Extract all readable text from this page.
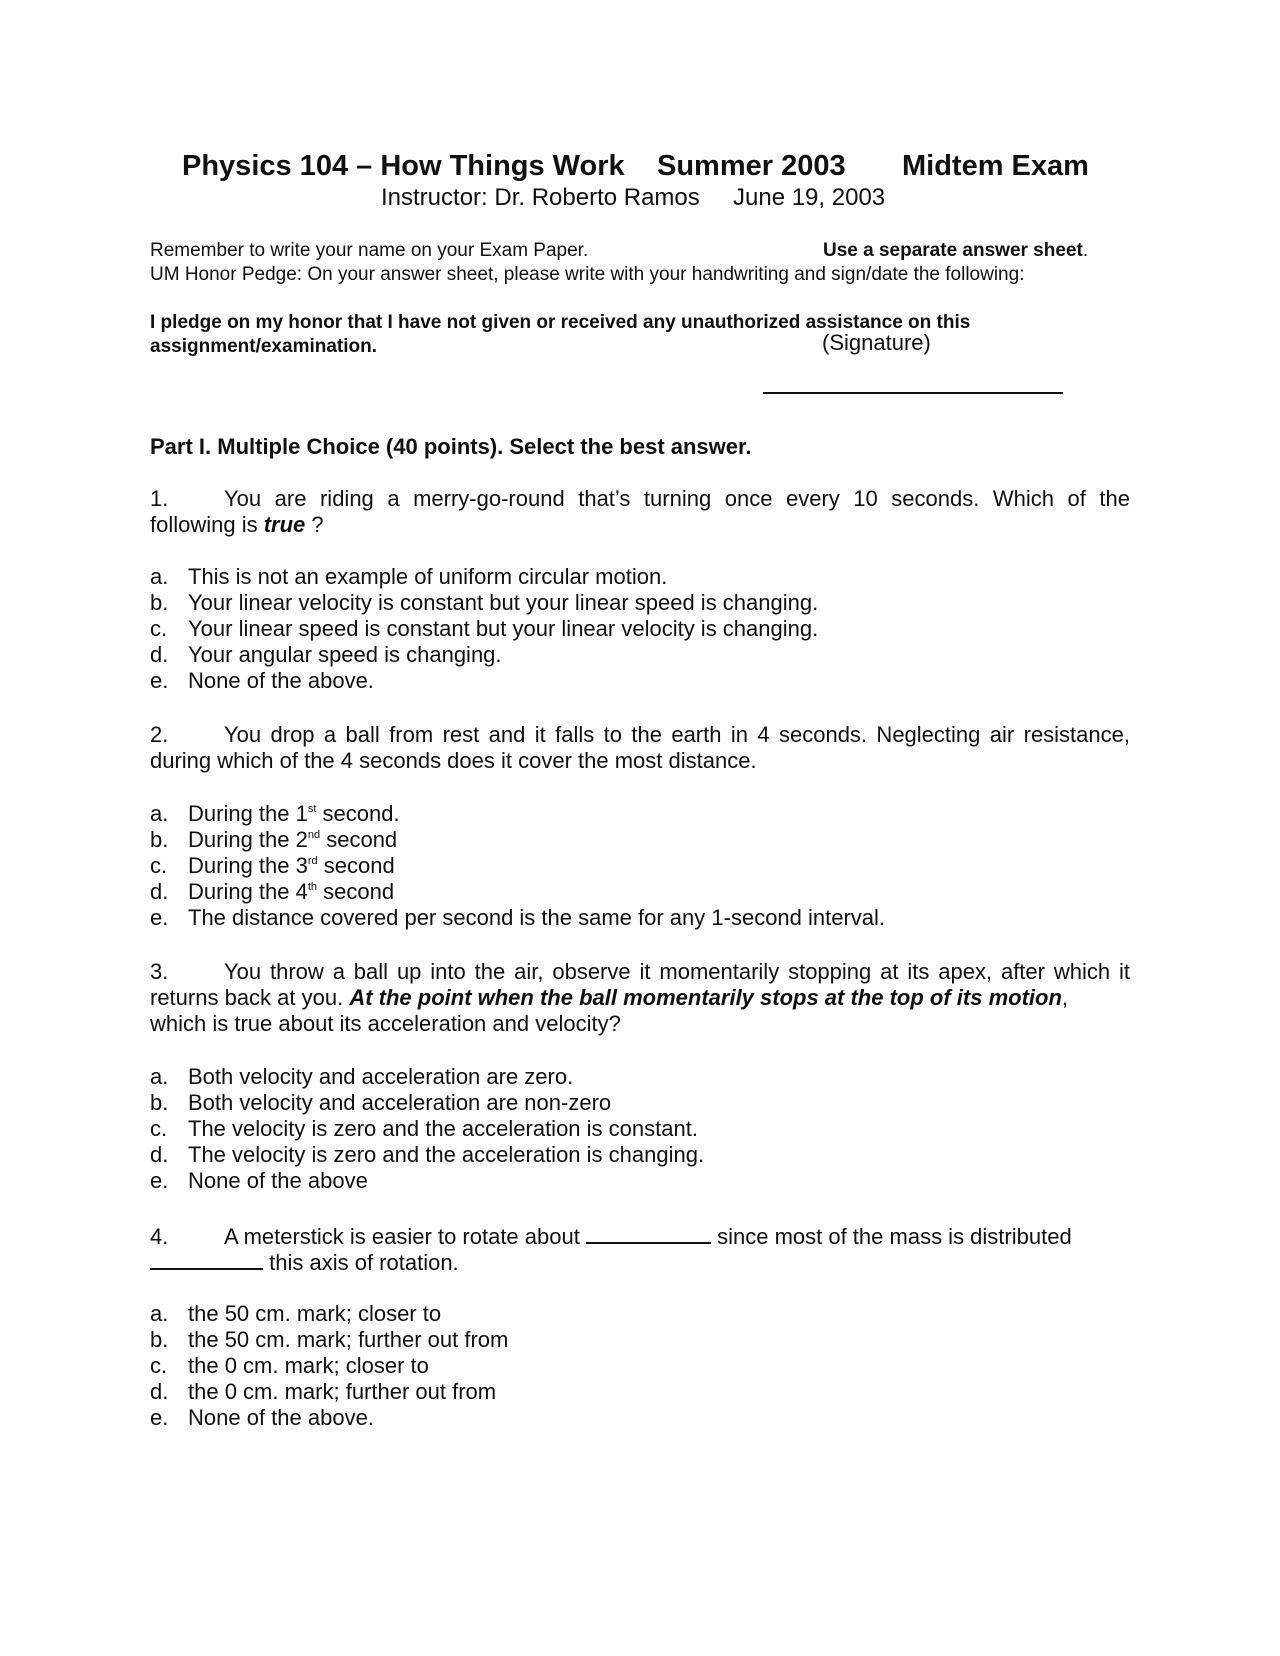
Physics 104 – How Things Work Summer 2003 Midtem Exam
Instructor: Dr. Roberto Ramos June 19, 2003
Remember to write your name on your Exam Paper.	Use a separate answer sheet.
UM Honor Pedge: On your answer sheet, please write with your handwriting and sign/date the following:
I pledge on my honor that I have not given or received any unauthorized assistance on this
assignment/examination.	(Signature)
Part I. Multiple Choice (40 points). Select the best answer.
1.	You are riding a merry-go-round that’s turning once every 10 seconds. Which of the
following is true ?
a. This is not an example of uniform circular motion.
b. Your linear velocity is constant but your linear speed is changing.
c. Your linear speed is constant but your linear velocity is changing.
d. Your angular speed is changing.
e. None of the above.
2.	You drop a ball from rest and it falls to the earth in 4 seconds. Neglecting air resistance,
during which of the 4 seconds does it cover the most distance.
a. During the 1st second.
b. During the 2nd second
c. During the 3rd second
d. During the 4th second
e. The distance covered per second is the same for any 1-second interval.
3.	You throw a ball up into the air, observe it momentarily stopping at its apex, after which it
returns back at you. At the point when the ball momentarily stops at the top of its motion,
which is true about its acceleration and velocity?
a. Both velocity and acceleration are zero.
b. Both velocity and acceleration are non-zero
c. The velocity is zero and the acceleration is constant.
d. The velocity is zero and the acceleration is changing.
e. None of the above
4.	A meterstick is easier to rotate about	since most of the mass is distributed
this axis of rotation.
a. the 50 cm. mark; closer to
b. the 50 cm. mark; further out from
c. the 0 cm. mark; closer to
d. the 0 cm. mark; further out from
e. None of the above.
